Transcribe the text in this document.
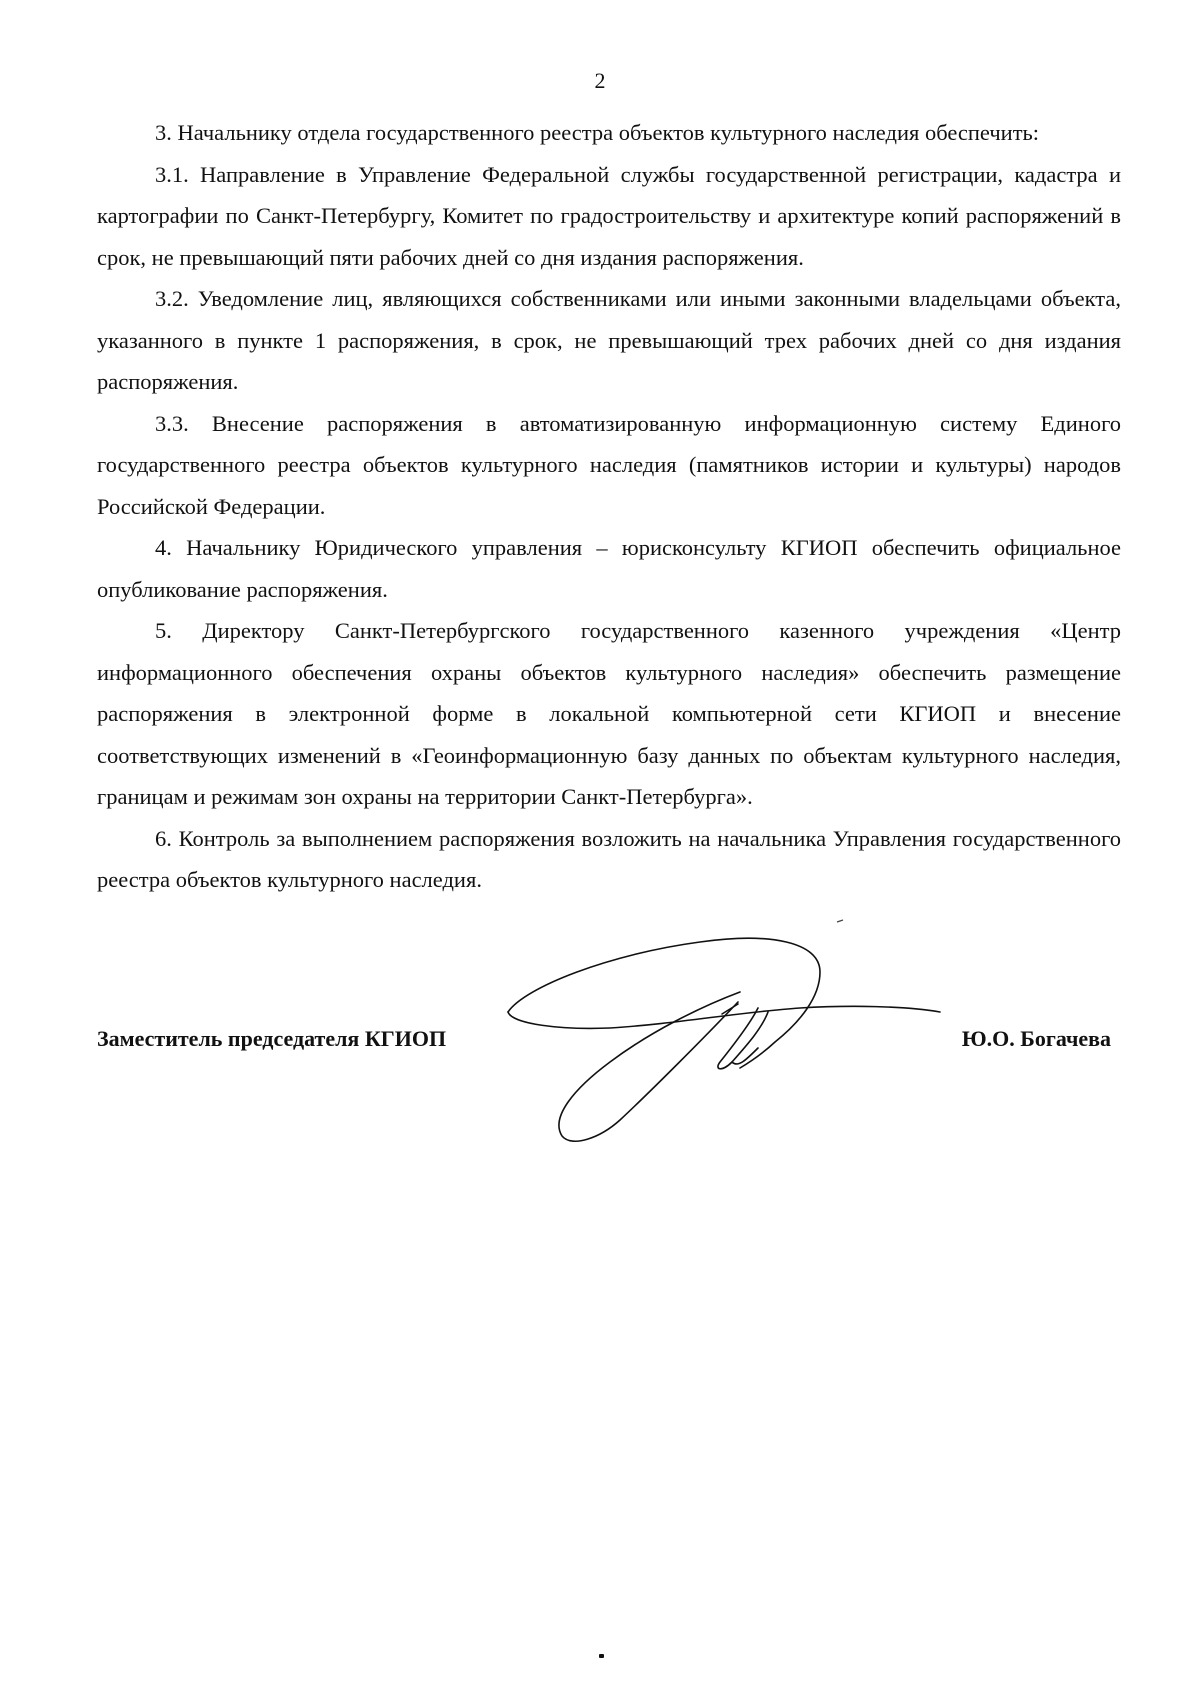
2

3. Начальнику отдела государственного реестра объектов культурного наследия обеспечить:

3.1. Направление в Управление Федеральной службы государственной регистрации, кадастра и картографии по Санкт-Петербургу, Комитет по градостроительству и архитектуре копий распоряжений в срок, не превышающий пяти рабочих дней со дня издания распоряжения.

3.2. Уведомление лиц, являющихся собственниками или иными законными владельцами объекта, указанного в пункте 1 распоряжения, в срок, не превышающий трех рабочих дней со дня издания распоряжения.

3.3. Внесение распоряжения в автоматизированную информационную систему Единого государственного реестра объектов культурного наследия (памятников истории и культуры) народов Российской Федерации.

4. Начальнику Юридического управления – юрисконсульту КГИОП обеспечить официальное опубликование распоряжения.

5. Директору Санкт-Петербургского государственного казенного учреждения «Центр информационного обеспечения охраны объектов культурного наследия» обеспечить размещение распоряжения в электронной форме в локальной компьютерной сети КГИОП и внесение соответствующих изменений в «Геоинформационную базу данных по объектам культурного наследия, границам и режимам зон охраны на территории Санкт-Петербурга».

6. Контроль за выполнением распоряжения возложить на начальника Управления государственного реестра объектов культурного наследия.

Заместитель председателя КГИОП	Ю.О. Богачева
